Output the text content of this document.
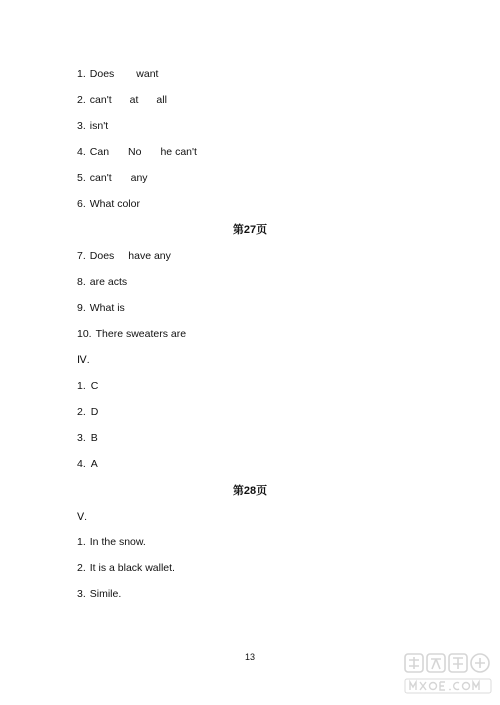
1. Does want
2. can't at all
3. isn't
4. Can No he can't
5. can't any
6. What color
第27页
7. Does have any
8. are acts
9. What is
10. There sweaters are
Ⅳ.
1. C
2. D
3. B
4. A
第28页
Ⅴ.
1. In the snow.
2. It is a black wallet.
3. Simile.
13
